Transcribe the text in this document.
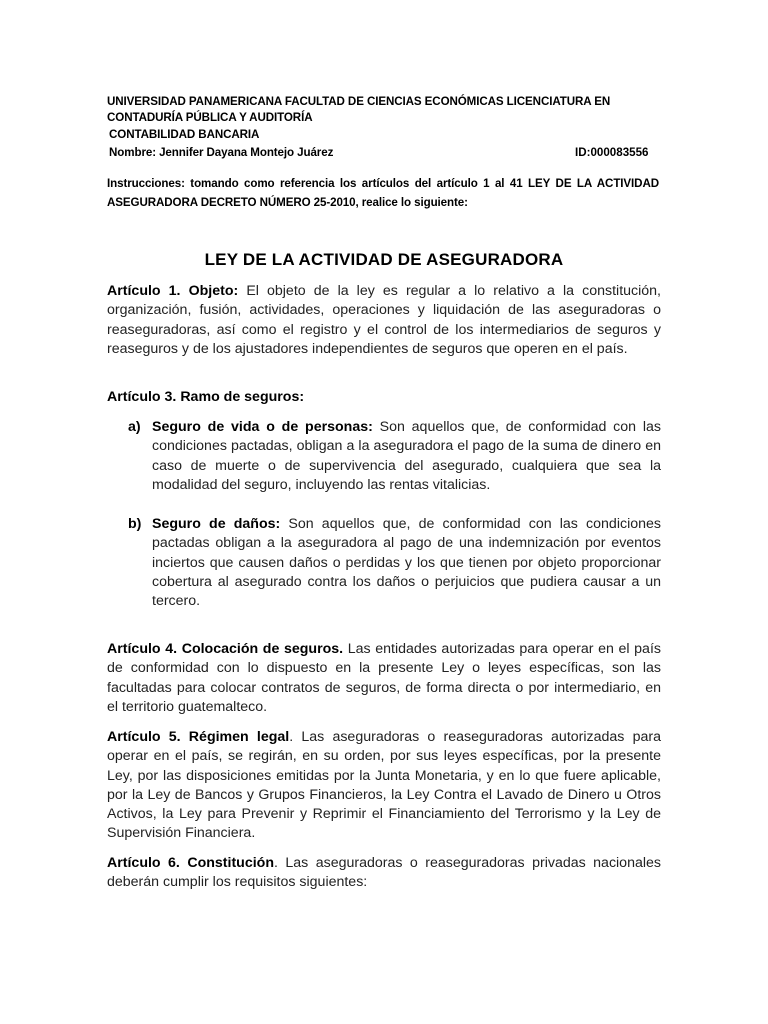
UNIVERSIDAD PANAMERICANA FACULTAD DE CIENCIAS ECONÓMICAS LICENCIATURA EN CONTADURÍA PÚBLICA Y AUDITORÍA
CONTABILIDAD BANCARIA
Nombre: Jennifer Dayana Montejo Juárez	ID:000083556
Instrucciones: tomando como referencia los artículos del artículo 1 al 41 LEY DE LA ACTIVIDAD ASEGURADORA DECRETO NÚMERO 25-2010, realice lo siguiente:
LEY DE LA ACTIVIDAD DE ASEGURADORA
Artículo 1. Objeto: El objeto de la ley es regular a lo relativo a la constitución, organización, fusión, actividades, operaciones y liquidación de las aseguradoras o reaseguradoras, así como el registro y el control de los intermediarios de seguros y reaseguros y de los ajustadores independientes de seguros que operen en el país.
Artículo 3. Ramo de seguros:
a) Seguro de vida o de personas: Son aquellos que, de conformidad con las condiciones pactadas, obligan a la aseguradora el pago de la suma de dinero en caso de muerte o de supervivencia del asegurado, cualquiera que sea la modalidad del seguro, incluyendo las rentas vitalicias.
b) Seguro de daños: Son aquellos que, de conformidad con las condiciones pactadas obligan a la aseguradora al pago de una indemnización por eventos inciertos que causen daños o perdidas y los que tienen por objeto proporcionar cobertura al asegurado contra los daños o perjuicios que pudiera causar a un tercero.
Artículo 4. Colocación de seguros. Las entidades autorizadas para operar en el país de conformidad con lo dispuesto en la presente Ley o leyes específicas, son las facultadas para colocar contratos de seguros, de forma directa o por intermediario, en el territorio guatemalteco.
Artículo 5. Régimen legal. Las aseguradoras o reaseguradoras autorizadas para operar en el país, se regirán, en su orden, por sus leyes específicas, por la presente Ley, por las disposiciones emitidas por la Junta Monetaria, y en lo que fuere aplicable, por la Ley de Bancos y Grupos Financieros, la Ley Contra el Lavado de Dinero u Otros Activos, la Ley para Prevenir y Reprimir el Financiamiento del Terrorismo y la Ley de Supervisión Financiera.
Artículo 6. Constitución. Las aseguradoras o reaseguradoras privadas nacionales deberán cumplir los requisitos siguientes:
